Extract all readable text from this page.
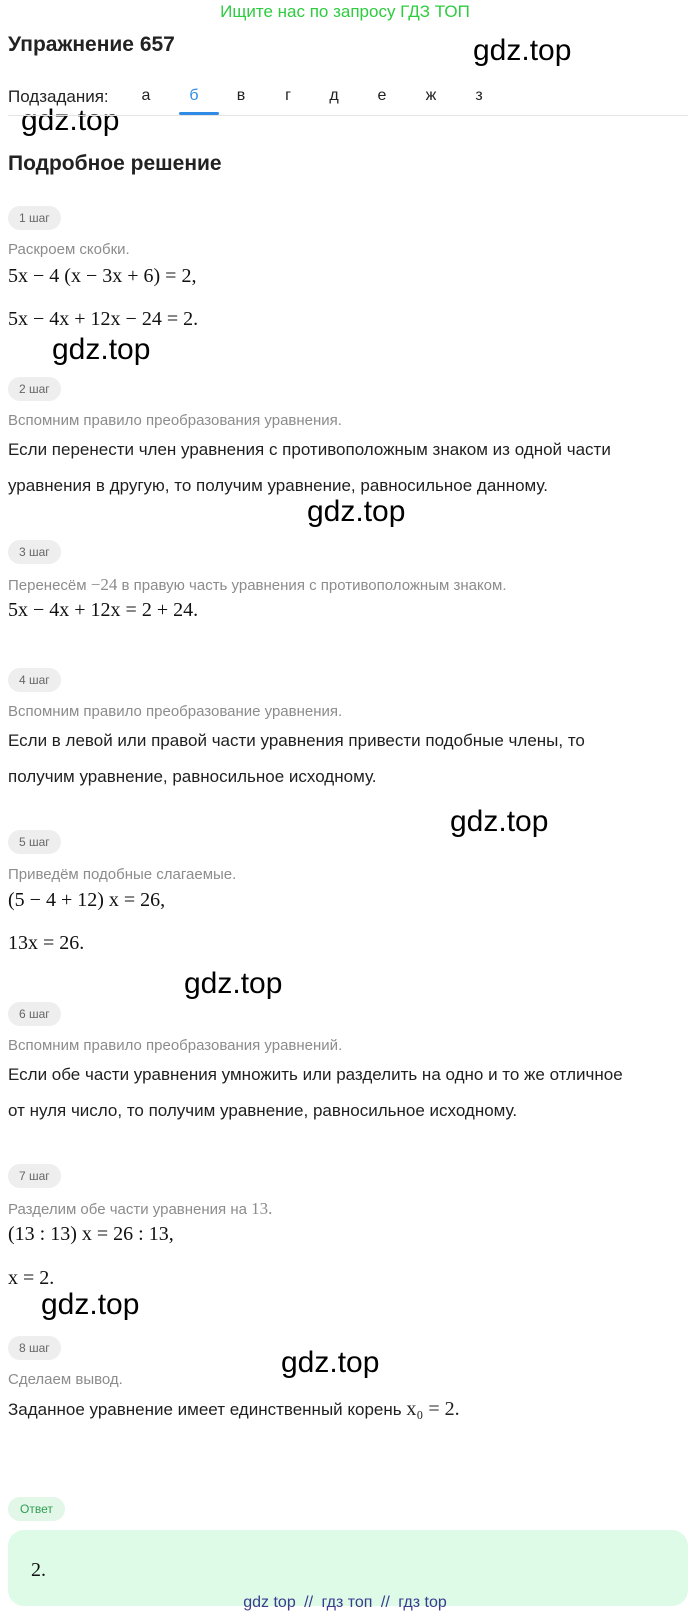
Ищите нас по запросу ГДЗ ТОП
Упражнение 657	gdz.top
gdz.top
gdz.top
gdz.top
gdz.top
gdz.top
gdz.top
gdz.top
Подзадания:	а	б	в	г	д	е	ж	з
Подробное решение
1 шаг
Раскроем скобки.
5x − 4 (x − 3x + 6) = 2,
5x − 4x + 12x − 24 = 2.
2 шаг
Вспомним правило преобразования уравнения.
Если перенести член уравнения с противоположным знаком из одной части
уравнения в другую, то получим уравнение, равносильное данному.
3 шаг
Перенесём −24 в правую часть уравнения с противоположным знаком.
5x − 4x + 12x = 2 + 24.
4 шаг
Вспомним правило преобразование уравнения.
Если в левой или правой части уравнения привести подобные члены, то
получим уравнение, равносильное исходному.
5 шаг
Приведём подобные слагаемые.
(5 − 4 + 12) x = 26,
13x = 26.
6 шаг
Вспомним правило преобразования уравнений.
Если обе части уравнения умножить или разделить на одно и то же отличное
от нуля число, то получим уравнение, равносильное исходному.
7 шаг
Разделим обе части уравнения на 13.
(13 : 13) x = 26 : 13,
x = 2.
8 шаг
Сделаем вывод.
Заданное уравнение имеет единственный корень x₀ = 2.
Ответ
2.
gdz top // гдз топ // гдз top
